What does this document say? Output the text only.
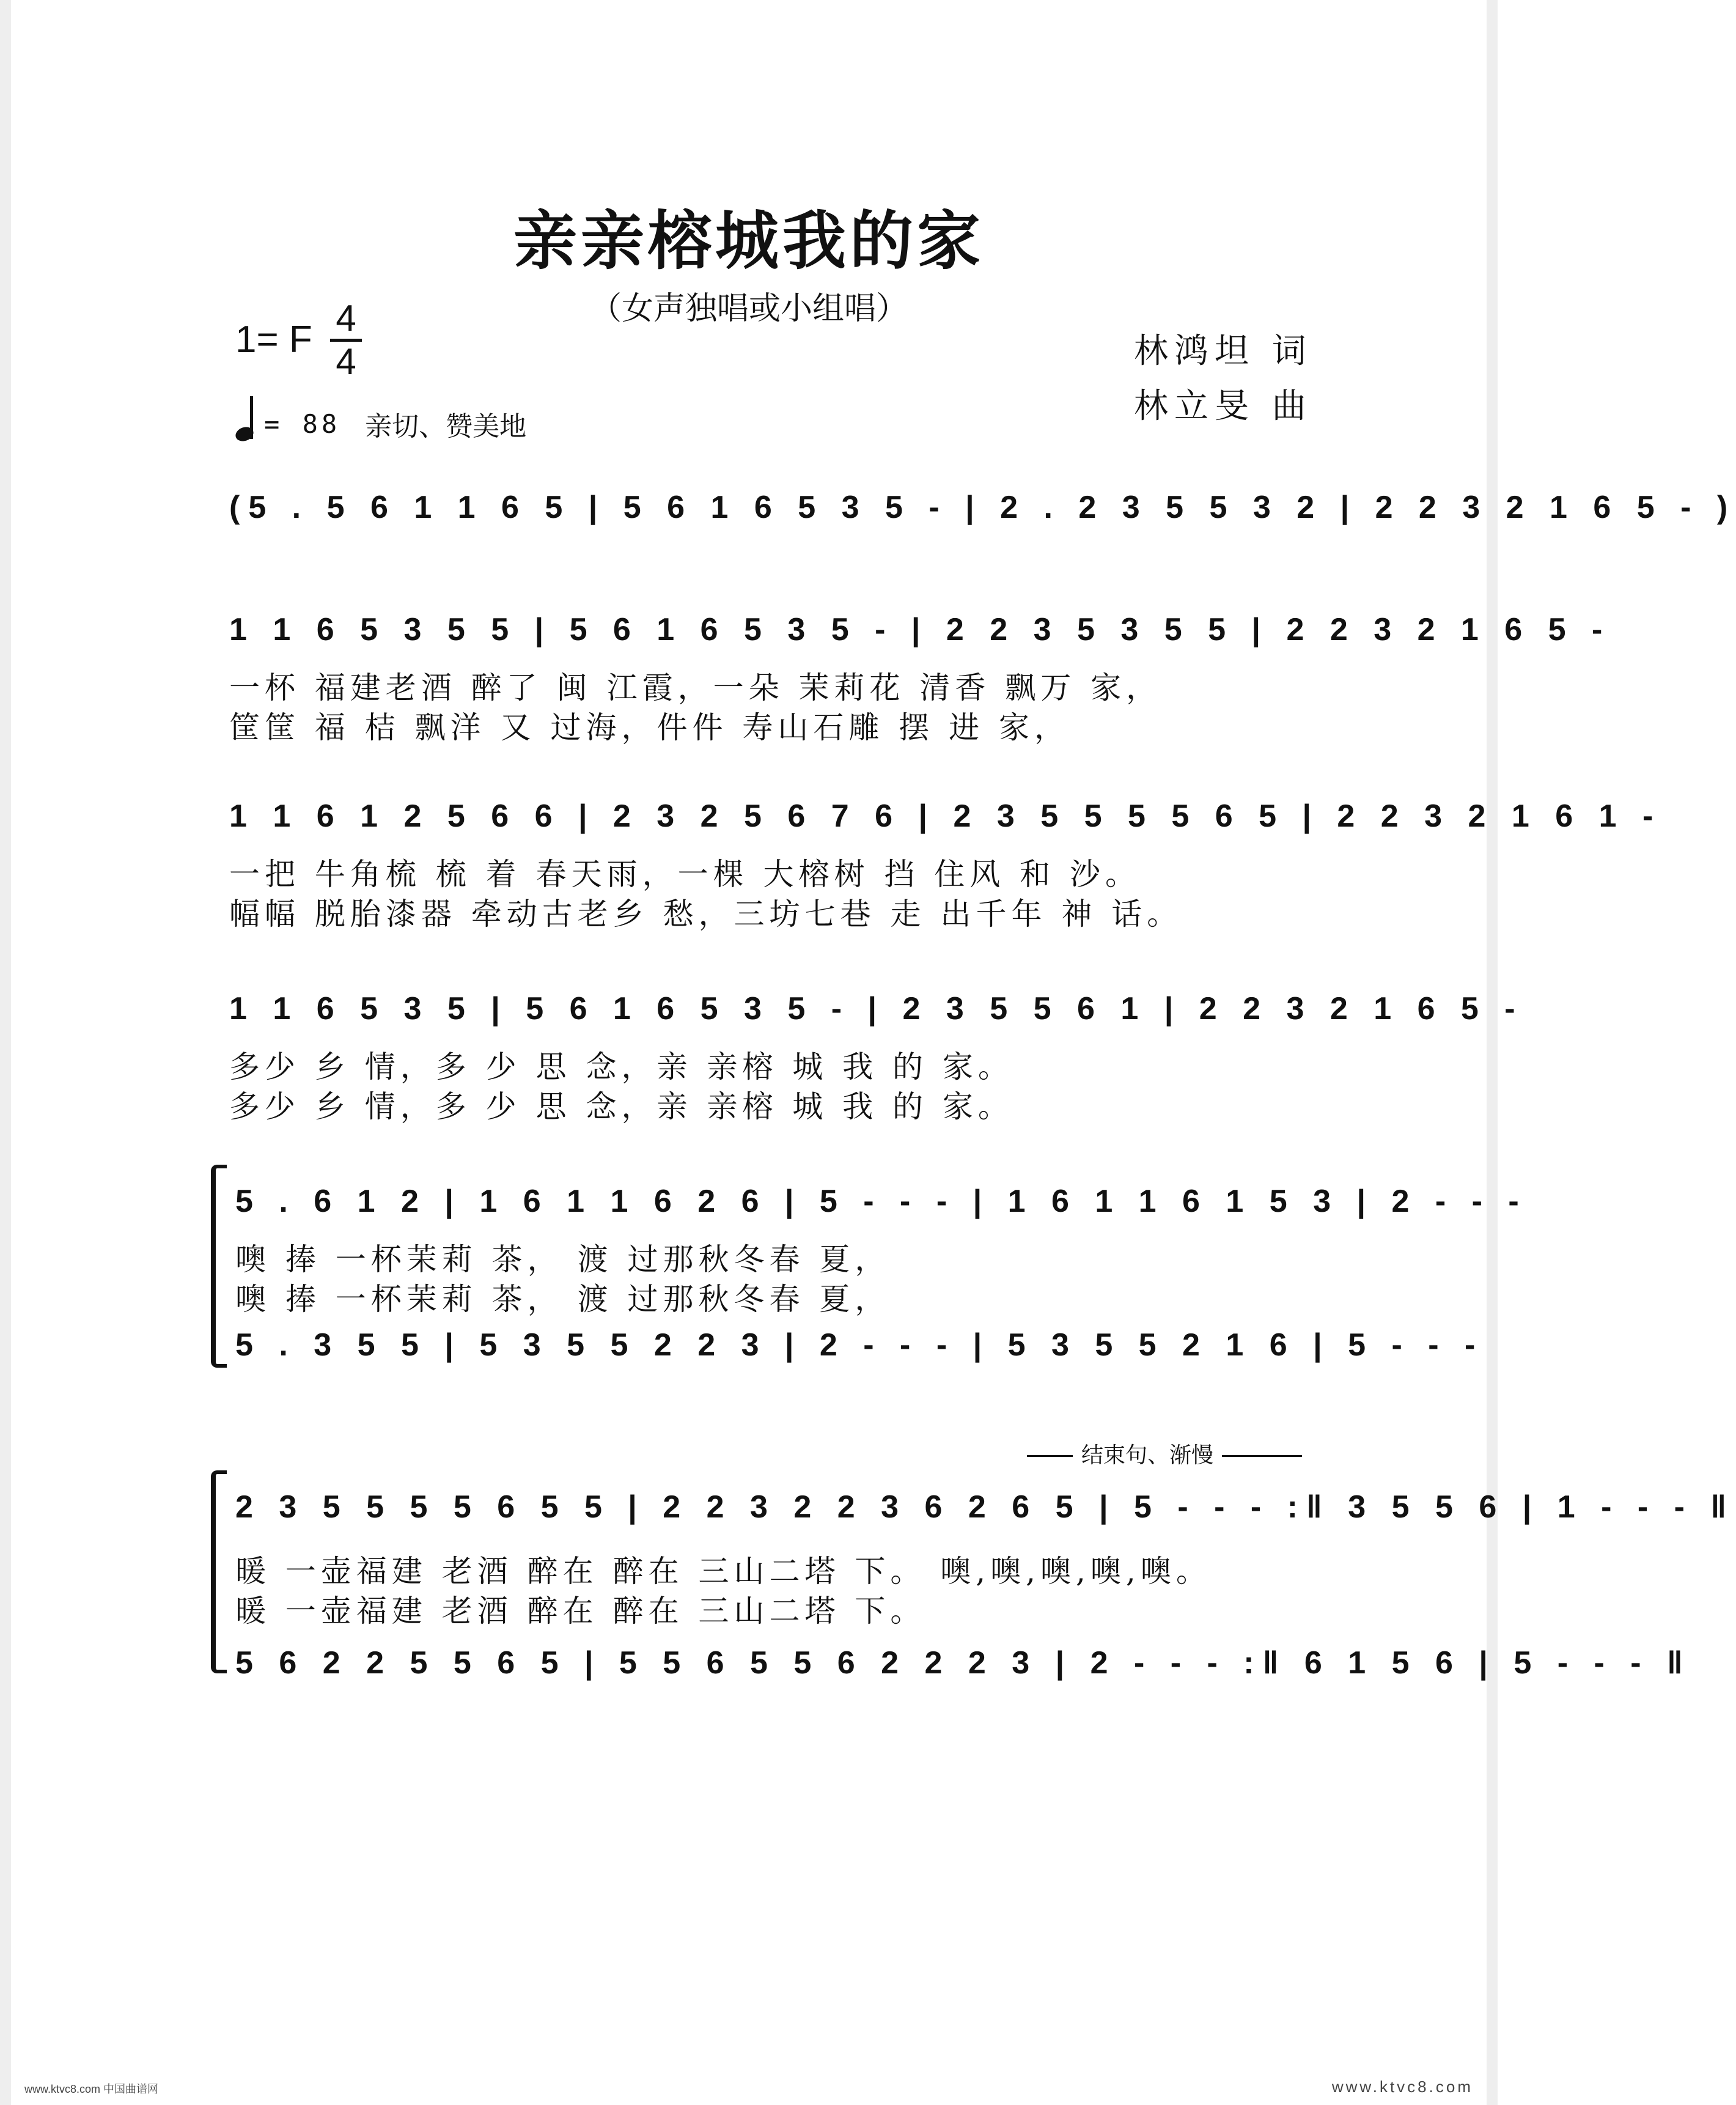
亲亲榕城我的家
（女声独唱或小组唱）
1= F
4
4	林鸿坦 词
林立旻 曲
= 88 亲切、赞美地
(5 . 5 6 1 1 6 5 | 5 6 1 6 5 3 5 - | 2 . 2 3 5 5 3 2 | 2 2 3 2 1 6 5 - )
1 1 6 5 3 5 5 | 5 6 1 6 5 3 5 - | 2 2 3 5 3 5 5 | 2 2 3 2 1 6 5 -
一杯 福建老酒 醉了 闽 江霞，一朵 茉莉花 清香 飘万 家，
筐筐 福 桔 飘洋 又 过海，件件 寿山石雕 摆 进 家，
1 1 6 1 2 5 6 6 | 2 3 2 5 6 7 6 | 2 3 5 5 5 5 6 5 | 2 2 3 2 1 6 1 -
一把 牛角梳 梳 着 春天雨，一棵 大榕树 挡 住风 和 沙。
幅幅 脱胎漆器 牵动古老乡 愁，三坊七巷 走 出千年 神 话。
1 1 6 5 3 5 | 5 6 1 6 5 3 5 - | 2 3 5 5 6 1 | 2 2 3 2 1 6 5 -
多少 乡 情，多 少 思 念，亲 亲榕 城 我 的 家。
多少 乡 情，多 少 思 念，亲 亲榕 城 我 的 家。
5 . 6 1 2 | 1 6 1 1 6 2 6 | 5 - - - | 1 6 1 1 6 1 5 3 | 2 - - -
噢 捧 一杯茉莉 茶， 渡 过那秋冬春 夏，
噢 捧 一杯茉莉 茶， 渡 过那秋冬春 夏，
5 . 3 5 5 | 5 3 5 5 2 2 3 | 2 - - - | 5 3 5 5 2 1 6 | 5 - - -
结束句、渐慢
2 3 5 5 5 5 6 5 5 | 2 2 3 2 2 3 6 2 6 5 | 5 - - - :‖ 3 5 5 6 | 1 - - - ‖
暖 一壶福建 老酒 醉在 醉在 三山二塔 下。 噢,噢,噢,噢,噢。
暖 一壶福建 老酒 醉在 醉在 三山二塔 下。
5 6 2 2 5 5 6 5 | 5 5 6 5 5 6 2 2 2 3 | 2 - - - :‖ 6 1 5 6 | 5 - - - ‖
www.ktvc8.com 中国曲谱网	www.ktvc8.com
